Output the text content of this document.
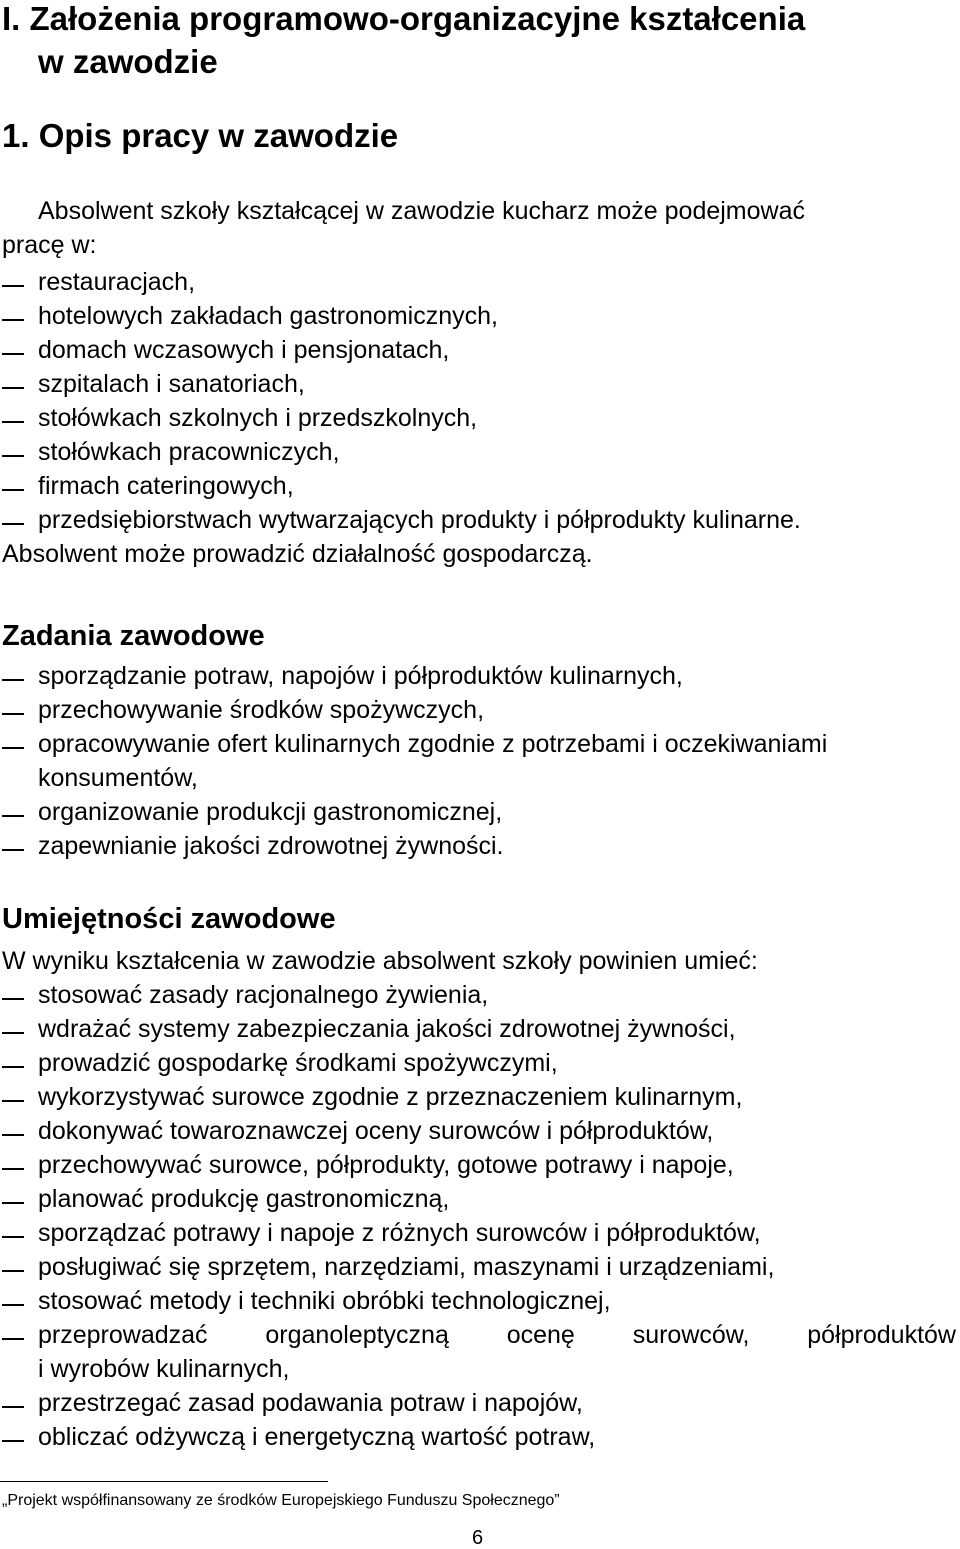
I. Założenia programowo-organizacyjne kształcenia
w zawodzie
1. Opis pracy w zawodzie
Absolwent szkoły kształcącej w zawodzie kucharz może podejmować
pracę w:
restauracjach,
hotelowych zakładach gastronomicznych,
domach wczasowych i pensjonatach,
szpitalach i sanatoriach,
stołówkach szkolnych i przedszkolnych,
stołówkach pracowniczych,
firmach cateringowych,
przedsiębiorstwach wytwarzających produkty i półprodukty kulinarne.
Absolwent może prowadzić działalność gospodarczą.
Zadania zawodowe
sporządzanie potraw, napojów i półproduktów kulinarnych,
przechowywanie środków spożywczych,
opracowywanie ofert kulinarnych zgodnie z potrzebami i oczekiwaniami
konsumentów,
organizowanie produkcji gastronomicznej,
zapewnianie jakości zdrowotnej żywności.
Umiejętności zawodowe
W wyniku kształcenia w zawodzie absolwent szkoły powinien umieć:
stosować zasady racjonalnego żywienia,
wdrażać systemy zabezpieczania jakości zdrowotnej żywności,
prowadzić gospodarkę środkami spożywczymi,
wykorzystywać surowce zgodnie z przeznaczeniem kulinarnym,
dokonywać towaroznawczej oceny surowców i półproduktów,
przechowywać surowce, półprodukty, gotowe potrawy i napoje,
planować produkcję gastronomiczną,
sporządzać potrawy i napoje z różnych surowców i półproduktów,
posługiwać się sprzętem, narzędziami, maszynami i urządzeniami,
stosować metody i techniki obróbki technologicznej,
przeprowadzać organoleptyczną ocenę surowców, półproduktów
i wyrobów kulinarnych,
przestrzegać zasad podawania potraw i napojów,
obliczać odżywczą i energetyczną wartość potraw,
„Projekt współfinansowany ze środków Europejskiego Funduszu Społecznego”
6
